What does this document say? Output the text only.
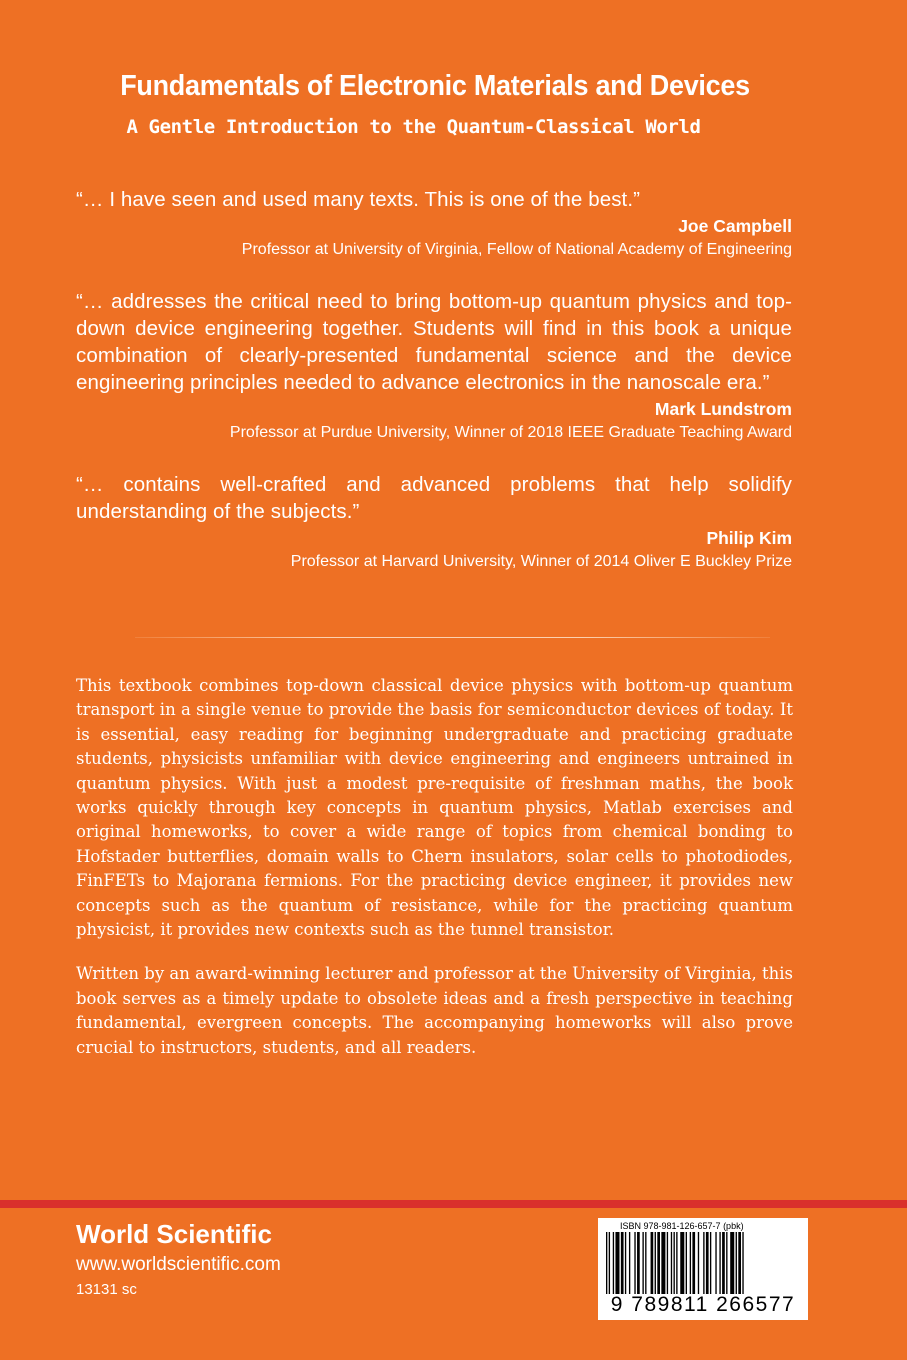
Fundamentals of Electronic Materials and Devices
A Gentle Introduction to the Quantum-Classical World
“… I have seen and used many texts. This is one of the best.”
Joe Campbell
Professor at University of Virginia, Fellow of National Academy of Engineering
“… addresses the critical need to bring bottom-up quantum physics and top-down device engineering together. Students will find in this book a unique combination of clearly-presented fundamental science and the device engineering principles needed to advance electronics in the nanoscale era.”
Mark Lundstrom
Professor at Purdue University, Winner of 2018 IEEE Graduate Teaching Award
“… contains well-crafted and advanced problems that help solidify understanding of the subjects.”
Philip Kim
Professor at Harvard University, Winner of 2014 Oliver E Buckley Prize

This textbook combines top-down classical device physics with bottom-up quantum transport in a single venue to provide the basis for semiconductor devices of today. It is essential, easy reading for beginning undergraduate and practicing graduate students, physicists unfamiliar with device engineering and engineers untrained in quantum physics. With just a modest pre-requisite of freshman maths, the book works quickly through key concepts in quantum physics, Matlab exercises and original homeworks, to cover a wide range of topics from chemical bonding to Hofstader butterflies, domain walls to Chern insulators, solar cells to photodiodes, FinFETs to Majorana fermions. For the practicing device engineer, it provides new concepts such as the quantum of resistance, while for the practicing quantum physicist, it provides new contexts such as the tunnel transistor.

Written by an award-winning lecturer and professor at the University of Virginia, this book serves as a timely update to obsolete ideas and a fresh perspective in teaching fundamental, evergreen concepts. The accompanying homeworks will also prove crucial to instructors, students, and all readers.

World Scientific
www.worldscientific.com
13131 sc
ISBN 978-981-126-657-7 (pbk)
9 789811 266577
